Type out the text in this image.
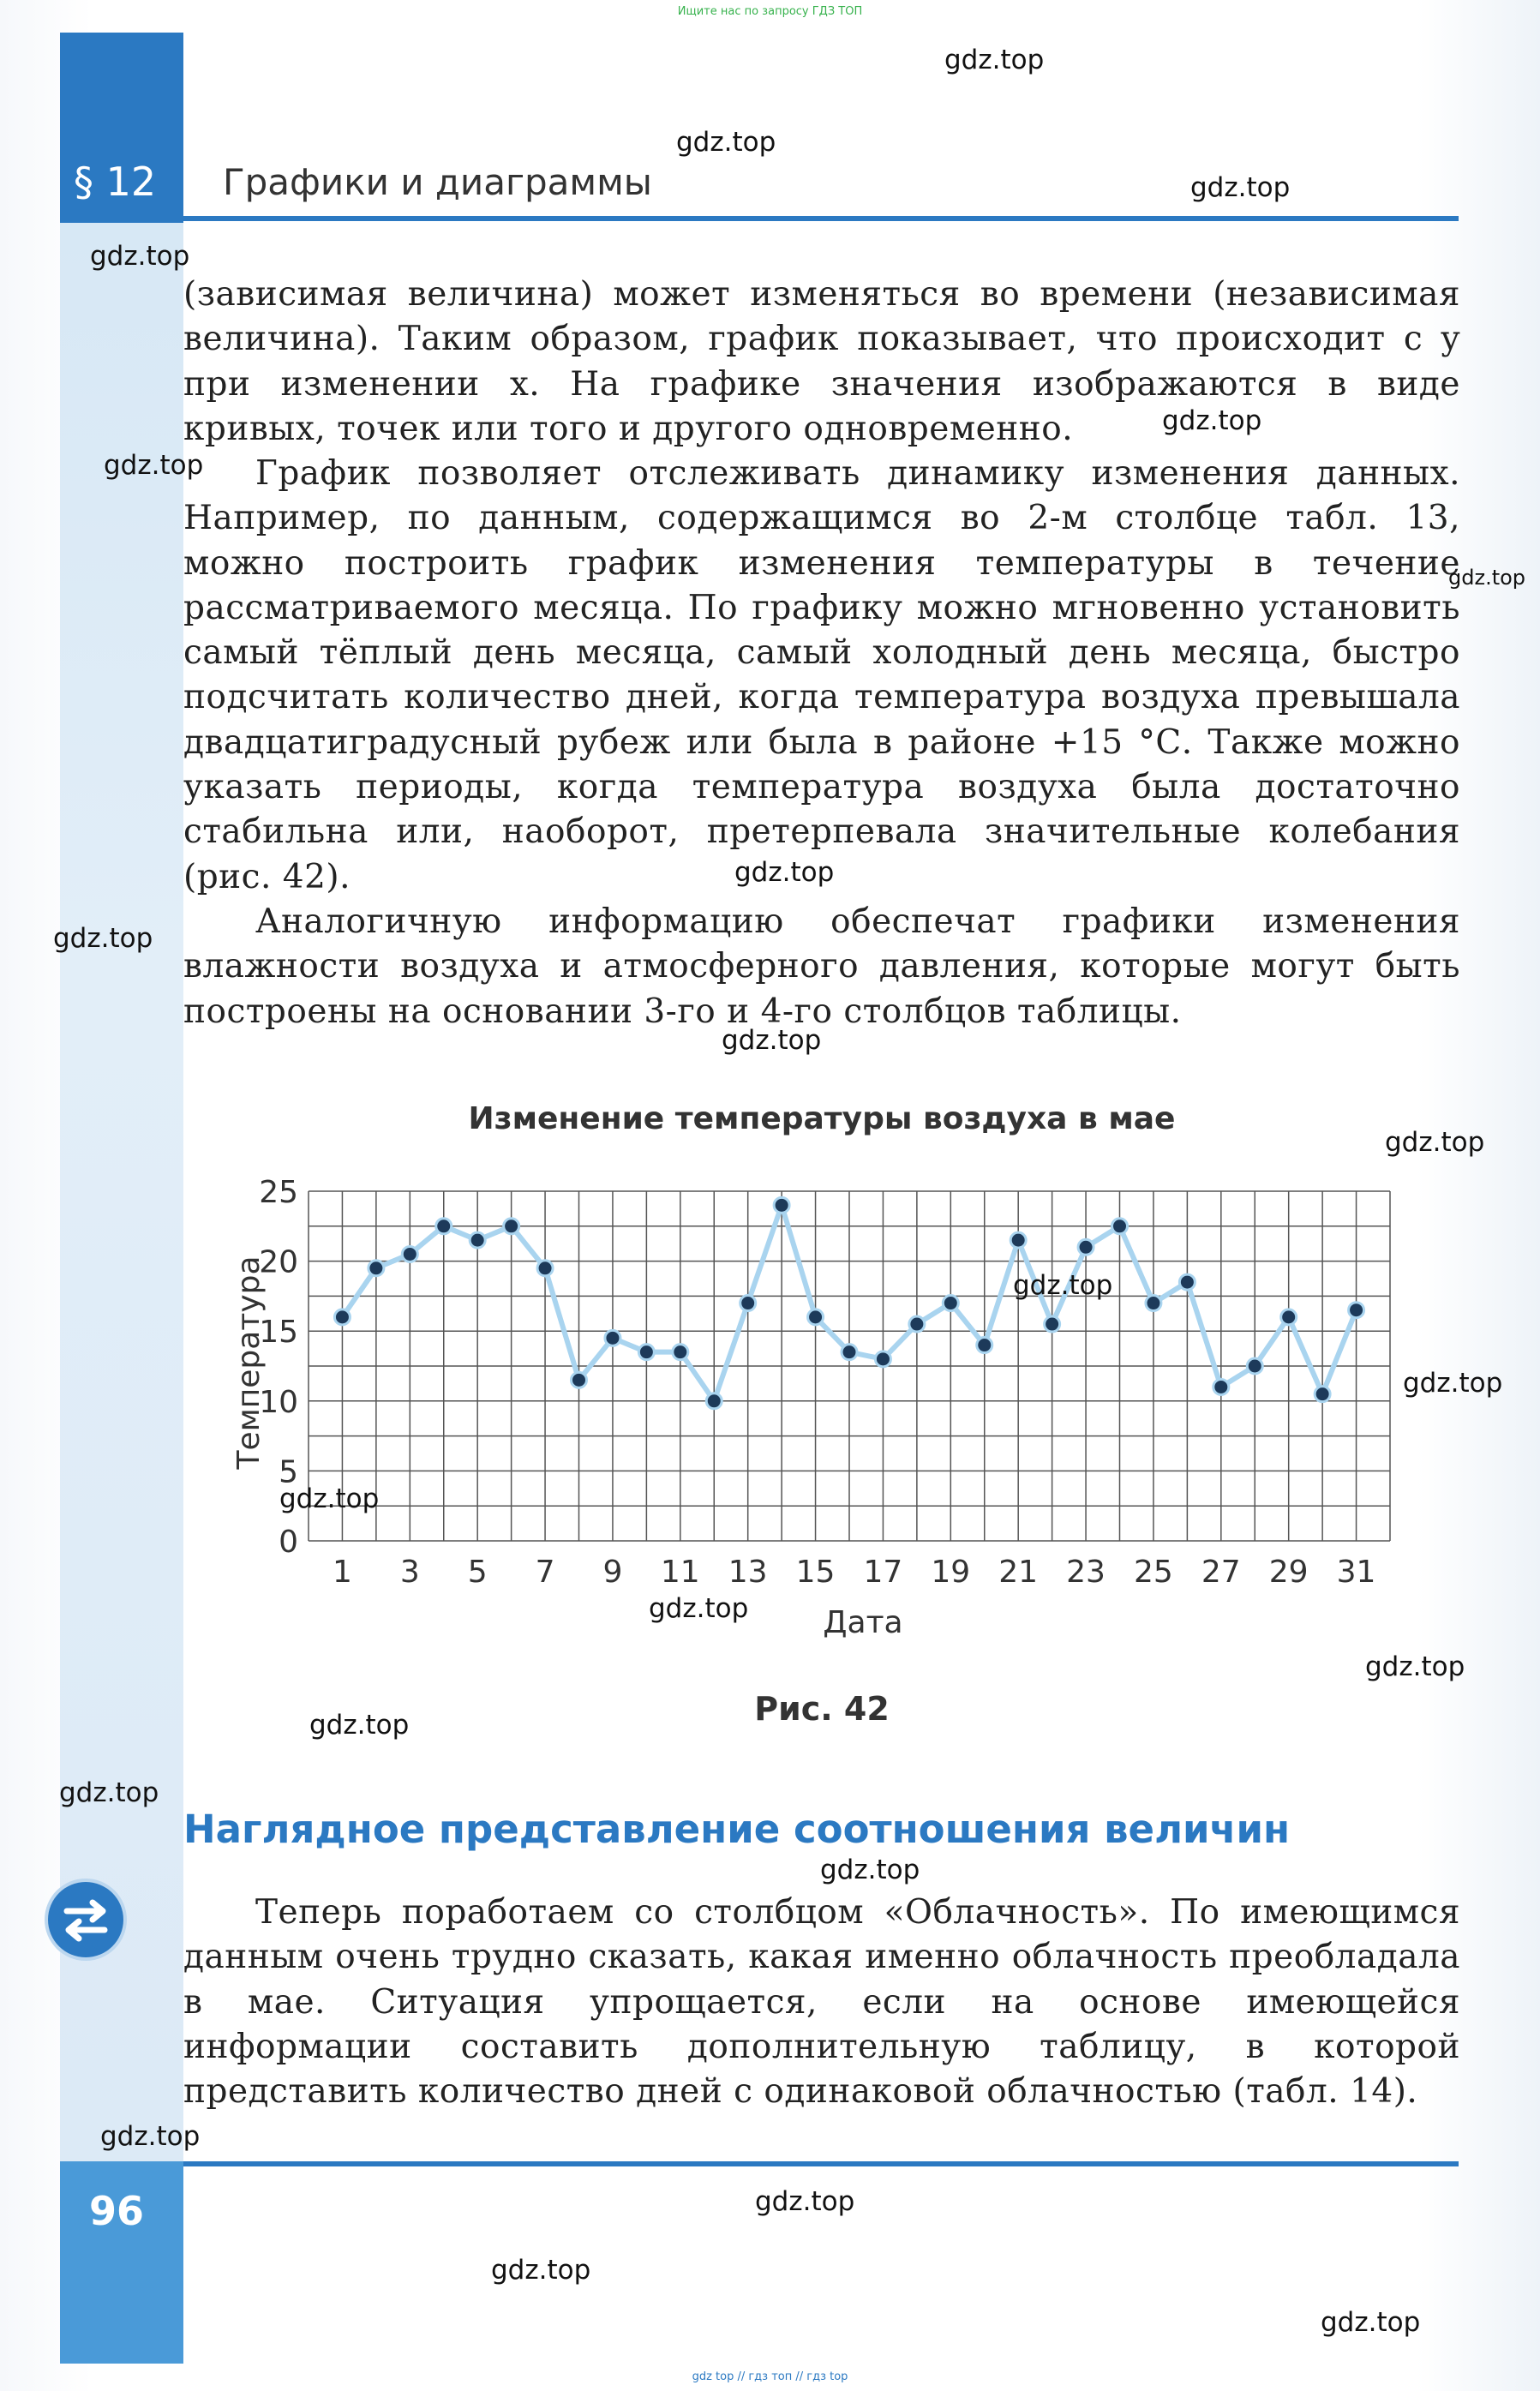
§ 12 Графики и диаграммы
Ищите нас по запросу ГДЗ ТОП

(зависимая величина) может изменяться во времени (независимая величина). Таким образом, график показывает, что происходит с y при изменении x. На графике значения изображаются в виде кривых, точек или того и другого одновременно.

График позволяет отслеживать динамику изменения данных. Например, по данным, содержащимся во 2-м столбце табл. 13, можно построить график изменения температуры в течение рассматриваемого месяца. По графику можно мгновенно установить самый тёплый день месяца, самый холодный день месяца, быстро подсчитать количество дней, когда температура воздуха превышала двадцатиградусный рубеж или была в районе +15 °С. Также можно указать периоды, когда температура воздуха была достаточно стабильна или, наоборот, претерпевала значительные колебания (рис. 42).

Аналогичную информацию обеспечат графики изменения влажности воздуха и атмосферного давления, которые могут быть построены на основании 3-го и 4-го столбцов таблицы.

Изменение температуры воздуха в мае
1 3 5 7 9 11 13 15 17 19 21 23 25 27 29 31
0
5
10
15
20
25
Дата
Температура
Рис. 42
Наглядное представление соотношения величин

Теперь поработаем со столбцом «Облачность». По имеющимся данным очень трудно сказать, какая именно облачность преобладала в мае. Ситуация упрощается, если на основе имеющейся информации составить дополнительную таблицу, в которой представить количество дней с одинаковой облачностью (табл. 14).

96
gdz.top
gdz.top
gdz.top
gdz.top
gdz.top
gdz.top
gdz.top
gdz.top
gdz.top
gdz.top
gdz.top
gdz.top
gdz.top
gdz.top
gdz.top
gdz.top
gdz.top
gdz.top
gdz.top
gdz.top
gdz.top
gdz.top
gdz.top
gdz top // гдз топ // гдз top
